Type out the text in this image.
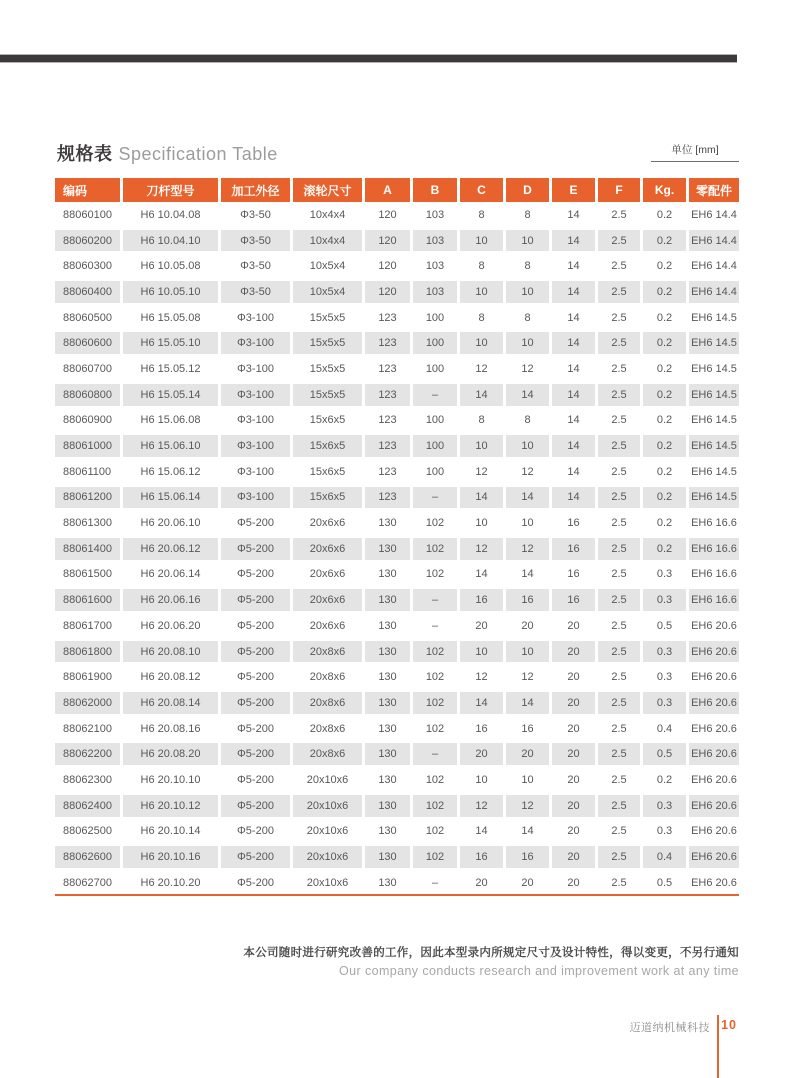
规格表 Specification Table	单位 [mm]
编码	刀杆型号	加工外径	滚轮尺寸	A	B	C	D	E	F	Kg.	零配件
88060100	H6 10.04.08	Φ3-50	10x4x4	120	103	8	8	14	2.5	0.2	EH6 14.4
88060200	H6 10.04.10	Φ3-50	10x4x4	120	103	10	10	14	2.5	0.2	EH6 14.4
88060300	H6 10.05.08	Φ3-50	10x5x4	120	103	8	8	14	2.5	0.2	EH6 14.4
88060400	H6 10.05.10	Φ3-50	10x5x4	120	103	10	10	14	2.5	0.2	EH6 14.4
88060500	H6 15.05.08	Φ3-100	15x5x5	123	100	8	8	14	2.5	0.2	EH6 14.5
88060600	H6 15.05.10	Φ3-100	15x5x5	123	100	10	10	14	2.5	0.2	EH6 14.5
88060700	H6 15.05.12	Φ3-100	15x5x5	123	100	12	12	14	2.5	0.2	EH6 14.5
88060800	H6 15.05.14	Φ3-100	15x5x5	123	–	14	14	14	2.5	0.2	EH6 14.5
88060900	H6 15.06.08	Φ3-100	15x6x5	123	100	8	8	14	2.5	0.2	EH6 14.5
88061000	H6 15.06.10	Φ3-100	15x6x5	123	100	10	10	14	2.5	0.2	EH6 14.5
88061100	H6 15.06.12	Φ3-100	15x6x5	123	100	12	12	14	2.5	0.2	EH6 14.5
88061200	H6 15.06.14	Φ3-100	15x6x5	123	–	14	14	14	2.5	0.2	EH6 14.5
88061300	H6 20.06.10	Φ5-200	20x6x6	130	102	10	10	16	2.5	0.2	EH6 16.6
88061400	H6 20.06.12	Φ5-200	20x6x6	130	102	12	12	16	2.5	0.2	EH6 16.6
88061500	H6 20.06.14	Φ5-200	20x6x6	130	102	14	14	16	2.5	0.3	EH6 16.6
88061600	H6 20.06.16	Φ5-200	20x6x6	130	–	16	16	16	2.5	0.3	EH6 16.6
88061700	H6 20.06.20	Φ5-200	20x6x6	130	–	20	20	20	2.5	0.5	EH6 20.6
88061800	H6 20.08.10	Φ5-200	20x8x6	130	102	10	10	20	2.5	0.3	EH6 20.6
88061900	H6 20.08.12	Φ5-200	20x8x6	130	102	12	12	20	2.5	0.3	EH6 20.6
88062000	H6 20.08.14	Φ5-200	20x8x6	130	102	14	14	20	2.5	0.3	EH6 20.6
88062100	H6 20.08.16	Φ5-200	20x8x6	130	102	16	16	20	2.5	0.4	EH6 20.6
88062200	H6 20.08.20	Φ5-200	20x8x6	130	–	20	20	20	2.5	0.5	EH6 20.6
88062300	H6 20.10.10	Φ5-200	20x10x6	130	102	10	10	20	2.5	0.2	EH6 20.6
88062400	H6 20.10.12	Φ5-200	20x10x6	130	102	12	12	20	2.5	0.3	EH6 20.6
88062500	H6 20.10.14	Φ5-200	20x10x6	130	102	14	14	20	2.5	0.3	EH6 20.6
88062600	H6 20.10.16	Φ5-200	20x10x6	130	102	16	16	20	2.5	0.4	EH6 20.6
88062700	H6 20.10.20	Φ5-200	20x10x6	130	–	20	20	20	2.5	0.5	EH6 20.6
本公司随时进行研究改善的工作，因此本型录内所规定尺寸及设计特性，得以变更，不另行通知
Our company conducts research and improvement work at any time
迈道纳机械科技 10
